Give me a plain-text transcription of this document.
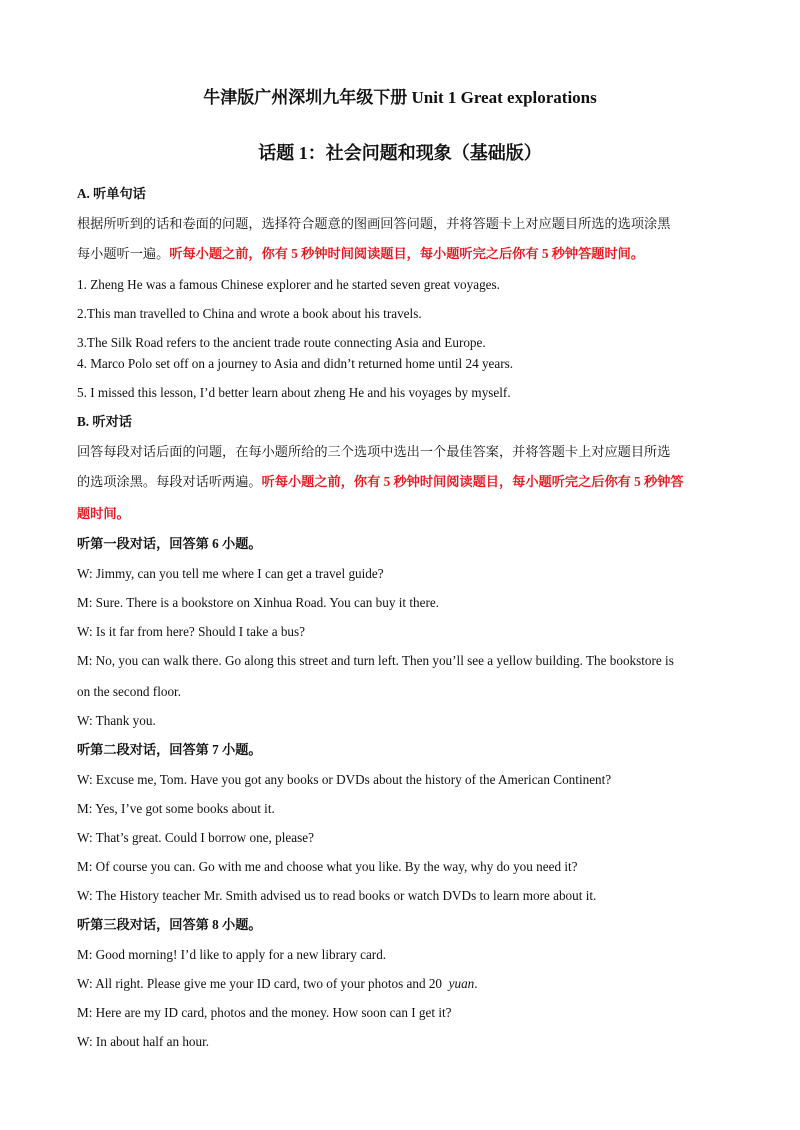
牛津版广州深圳九年级下册 Unit 1 Great explorations
话题 1：社会问题和现象（基础版）
A. 听单句话
根据所听到的话和卷面的问题，选择符合题意的图画回答问题，并将答题卡上对应题目所选的选项涂黑
每小题听一遍。听每小题之前，你有 5 秒钟时间阅读题目，每小题听完之后你有 5 秒钟答题时间。
1. Zheng He was a famous Chinese explorer and he started seven great voyages.
2.This man travelled to China and wrote a book about his travels.
3.The Silk Road refers to the ancient trade route connecting Asia and Europe.
4. Marco Polo set off on a journey to Asia and didn’t returned home until 24 years.
5. I missed this lesson, I’d better learn about zheng He and his voyages by myself.
B. 听对话
回答每段对话后面的问题，在每小题所给的三个选项中选出一个最佳答案，并将答题卡上对应题目所选
的选项涂黑。每段对话听两遍。听每小题之前，你有 5 秒钟时间阅读题目，每小题听完之后你有 5 秒钟答
题时间。
听第一段对话，回答第 6 小题。
W: Jimmy, can you tell me where I can get a travel guide?
M: Sure. There is a bookstore on Xinhua Road. You can buy it there.
W: Is it far from here? Should I take a bus?
M: No, you can walk there. Go along this street and turn left. Then you’ll see a yellow building. The bookstore is
on the second floor.
W: Thank you.
听第二段对话，回答第 7 小题。
W: Excuse me, Tom. Have you got any books or DVDs about the history of the American Continent?
M: Yes, I’ve got some books about it.
W: That’s great. Could I borrow one, please?
M: Of course you can. Go with me and choose what you like. By the way, why do you need it?
W: The History teacher Mr. Smith advised us to read books or watch DVDs to learn more about it.
听第三段对话，回答第 8 小题。
M: Good morning! I’d like to apply for a new library card.
W: All right. Please give me your ID card, two of your photos and 20  yuan.
M: Here are my ID card, photos and the money. How soon can I get it?
W: In about half an hour.
